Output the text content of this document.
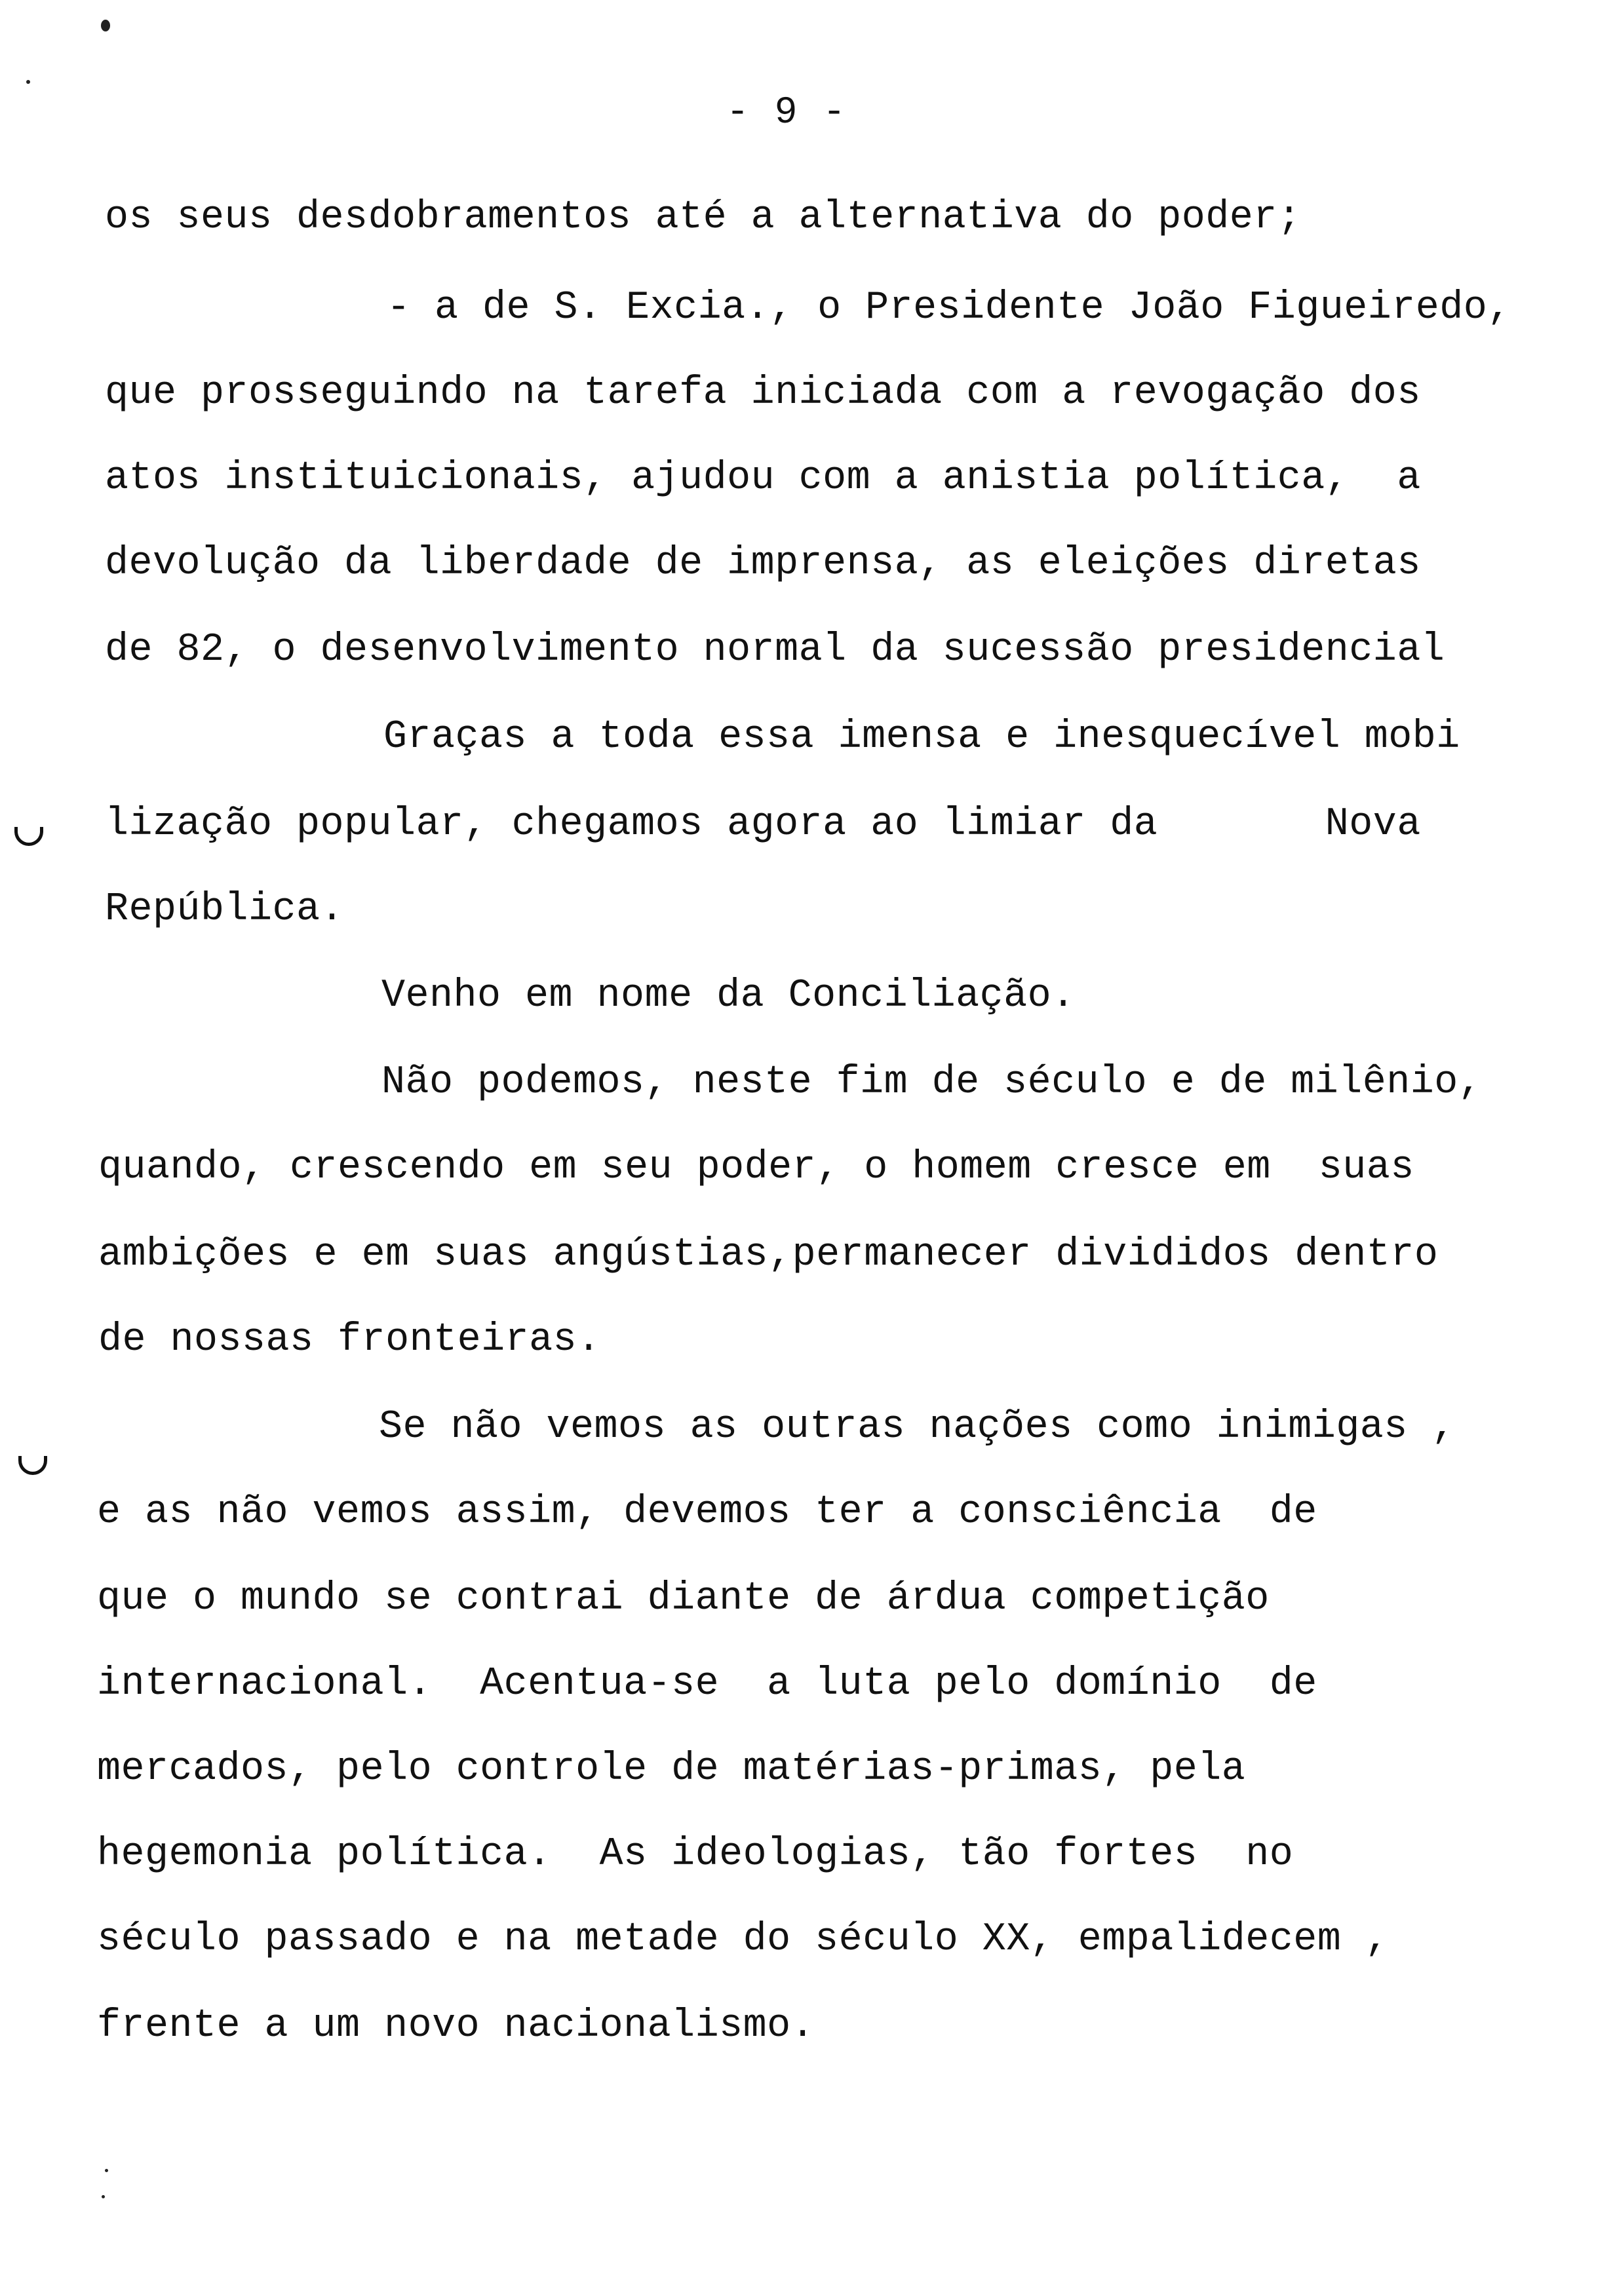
- 9 -
os seus desdobramentos até a alternativa do poder;
- a de S. Excia., o Presidente João Figueiredo,
que prosseguindo na tarefa iniciada com a revogação dos
atos instituicionais, ajudou com a anistia política,  a
devolução da liberdade de imprensa, as eleições diretas
de 82, o desenvolvimento normal da sucessão presidencial
Graças a toda essa imensa e inesquecível mobi
lização popular, chegamos agora ao limiar da       Nova
República.
Venho em nome da Conciliação.
Não podemos, neste fim de século e de milênio,
quando, crescendo em seu poder, o homem cresce em  suas
ambições e em suas angústias,permanecer divididos dentro
de nossas fronteiras.
Se não vemos as outras nações como inimigas ,
e as não vemos assim, devemos ter a consciência  de
que o mundo se contrai diante de árdua competição
internacional.  Acentua-se  a luta pelo domínio  de
mercados, pelo controle de matérias-primas, pela
hegemonia política.  As ideologias, tão fortes  no
século passado e na metade do século XX, empalidecem ,
frente a um novo nacionalismo.
